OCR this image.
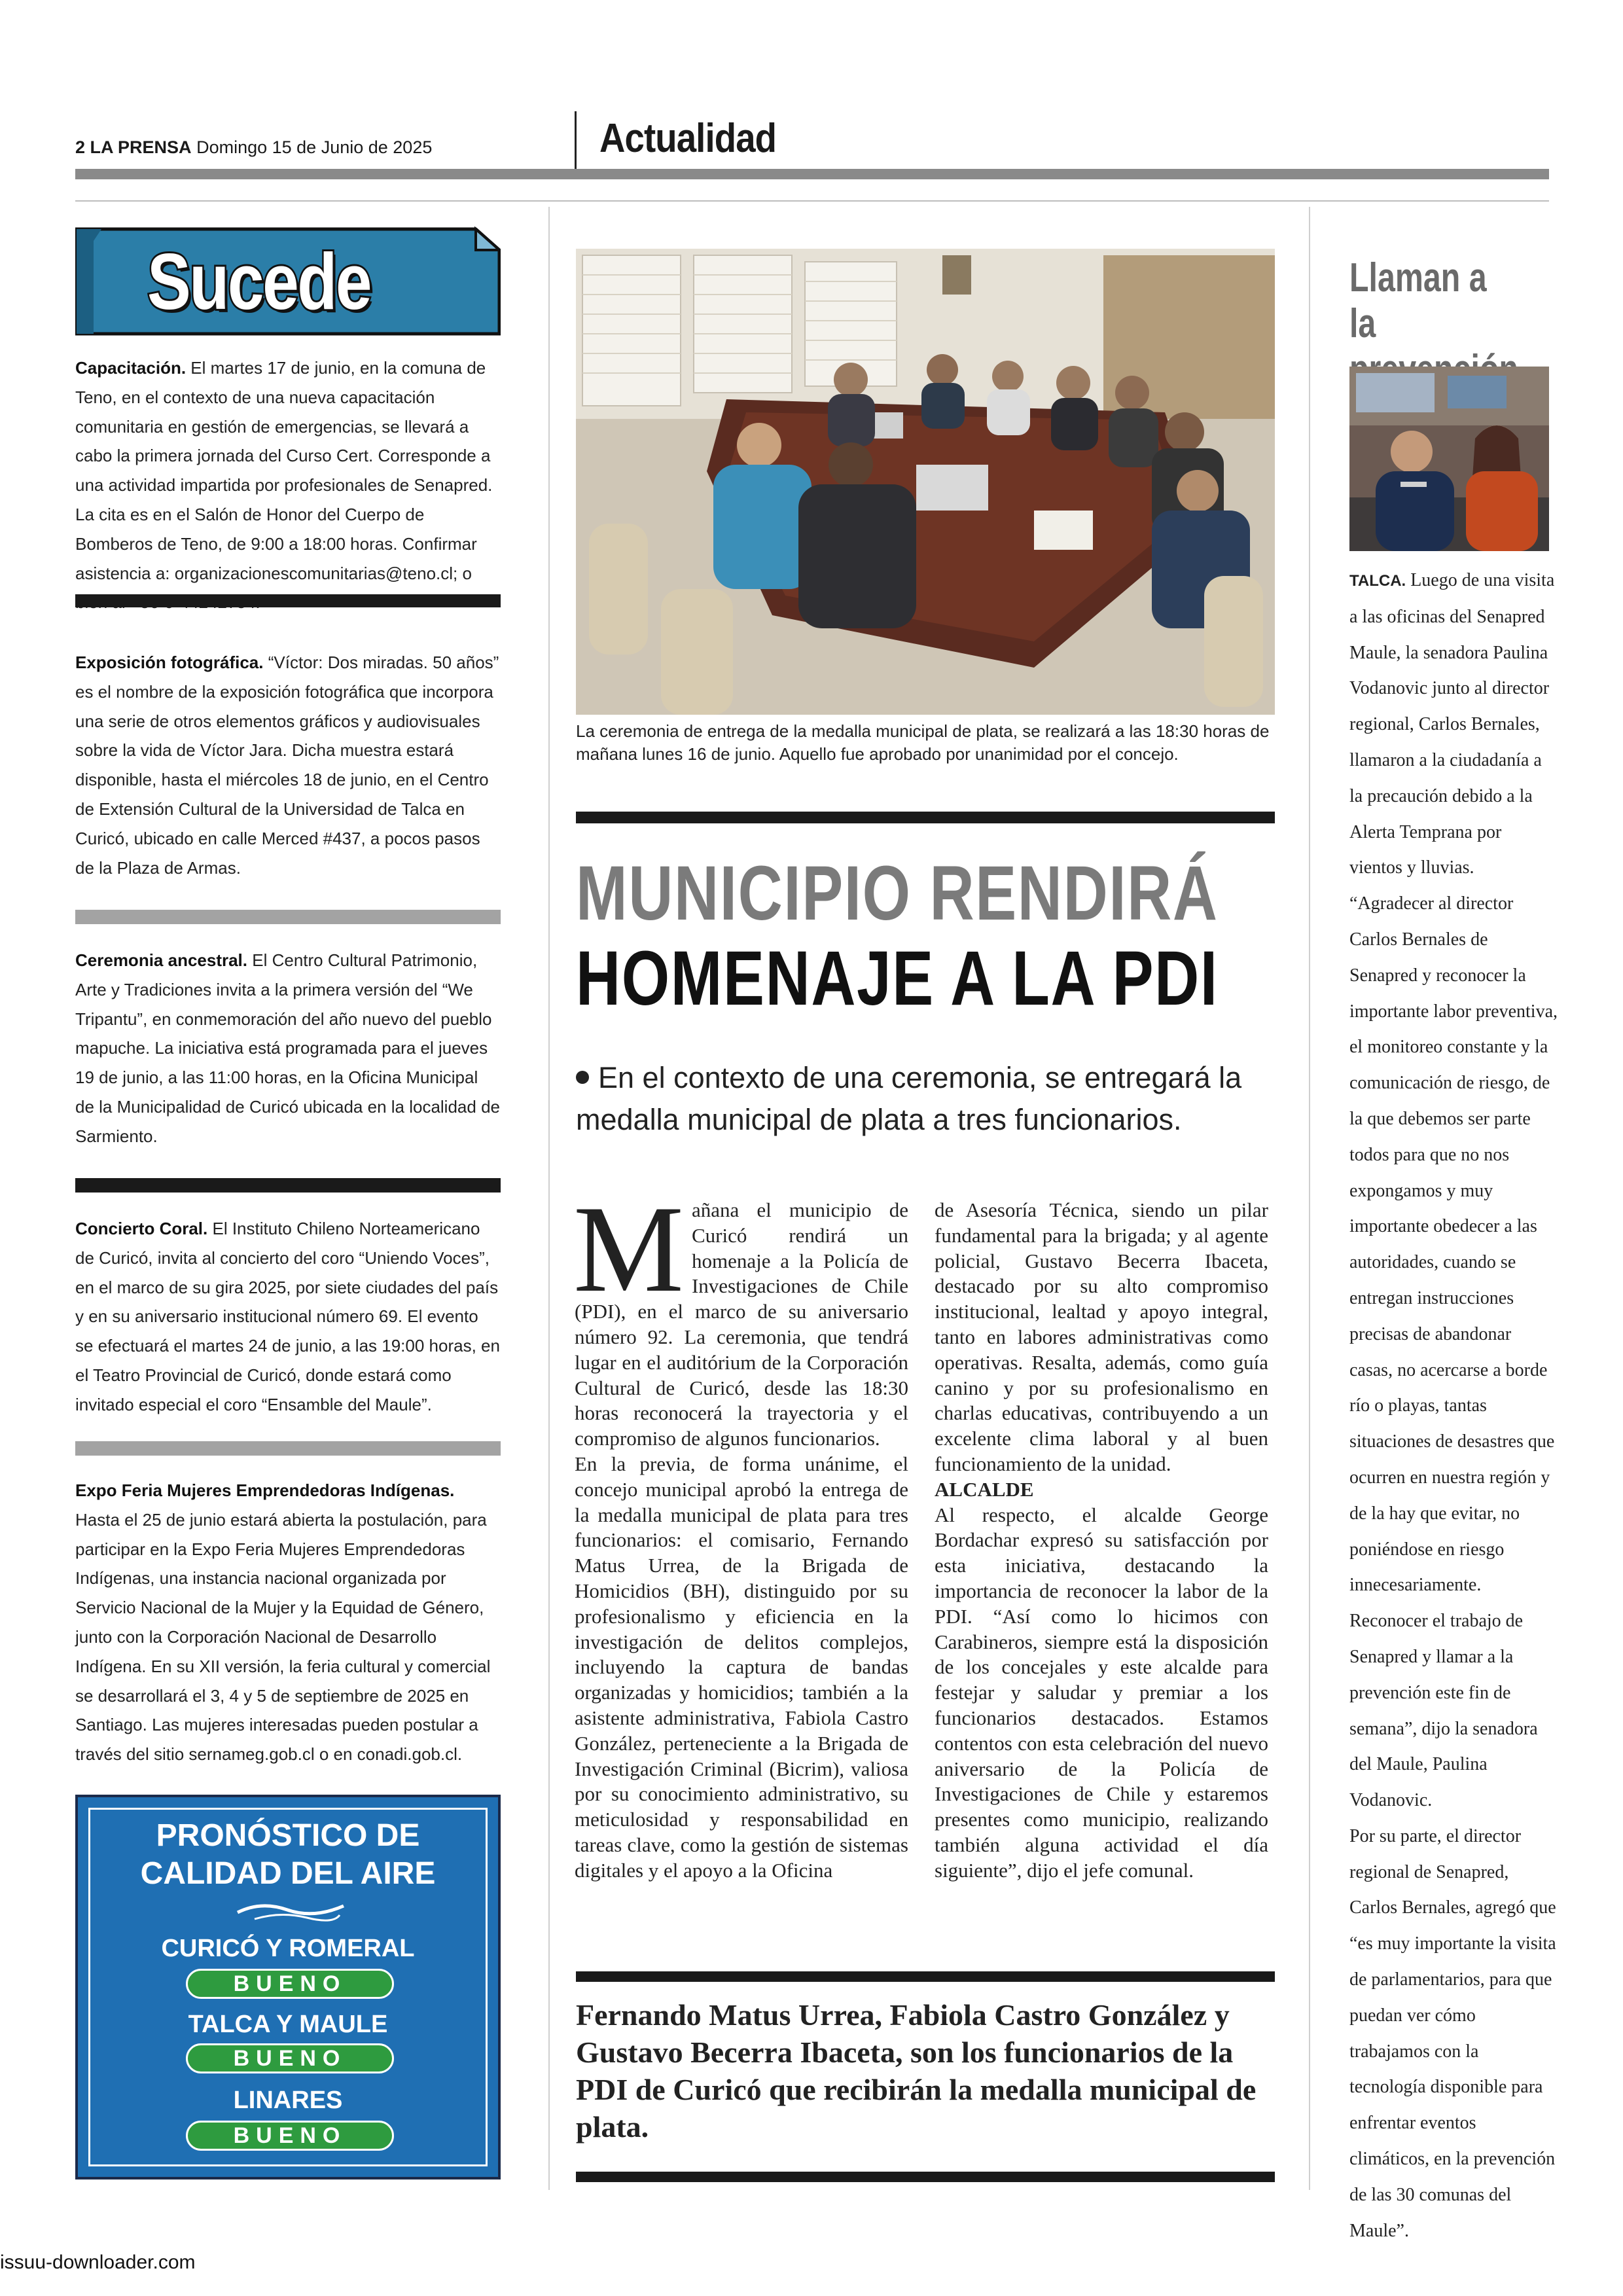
2 LA PRENSA Domingo 15 de Junio de 2025	Actualidad
Sucede
Capacitación. El martes 17 de junio, en la comuna de Teno, en el contexto de una nueva capacitación comunitaria en gestión de emergencias, se llevará a cabo la primera jornada del Curso Cert. Corresponde a una actividad impartida por profesionales de Senapred. La cita es en el Salón de Honor del Cuerpo de Bomberos de Teno, de 9:00 a 18:00 horas. Confirmar asistencia a: organizacionescomunitarias@teno.cl; o
Exposición fotográfica. “Víctor: Dos miradas. 50 años” es el nombre de la exposición fotográfica que incorpora una serie de otros elementos gráficos y audiovisuales sobre la vida de Víctor Jara. Dicha muestra estará disponible, hasta el miércoles 18 de junio, en el Centro de Extensión Cultural de la Universidad de Talca en Curicó, ubicado en calle Merced #437, a pocos pasos de la Plaza de Armas.
Ceremonia ancestral. El Centro Cultural Patrimonio, Arte y Tradiciones invita a la primera versión del “We Tripantu”, en conmemoración del año nuevo del pueblo mapuche. La iniciativa está programada para el jueves 19 de junio, a las 11:00 horas, en la Oficina Municipal de la Municipalidad de Curicó ubicada en la localidad de Sarmiento.
Concierto Coral. El Instituto Chileno Norteamericano de Curicó, invita al concierto del coro “Uniendo Voces”, en el marco de su gira 2025, por siete ciudades del país y en su aniversario institucional número 69. El evento se efectuará el martes 24 de junio, a las 19:00 horas, en el Teatro Provincial de Curicó, donde estará como invitado especial el coro “Ensamble del Maule”.
Expo Feria Mujeres Emprendedoras Indígenas. Hasta el 25 de junio estará abierta la postulación, para participar en la Expo Feria Mujeres Emprendedoras Indígenas, una instancia nacional organizada por Servicio Nacional de la Mujer y la Equidad de Género, junto con la Corporación Nacional de Desarrollo Indígena. En su XII versión, la feria cultural y comercial se desarrollará el 3, 4 y 5 de septiembre de 2025 en Santiago. Las mujeres interesadas pueden postular a través del sitio sernameg.gob.cl o en conadi.gob.cl.
PRONÓSTICO DE
CALIDAD DEL AIRE
CURICÓ Y ROMERAL
BUENO
TALCA Y MAULE
BUENO
LINARES
BUENO
La ceremonia de entrega de la medalla municipal de plata, se realizará a las 18:30 horas de mañana lunes 16 de junio. Aquello fue aprobado por unanimidad por el concejo.
MUNICIPIO RENDIRÁ
HOMENAJE A LA PDI
En el contexto de una ceremonia, se entregará la medalla municipal de plata a tres funcionarios.
M añana el municipio de Curicó rendirá un homenaje a la Policía de Investigaciones de Chile (PDI), en el marco de su aniversario número 92. La ceremonia, que tendrá lugar en el auditórium de la Corporación Cultural de Curicó, desde las 18:30 horas reconocerá la trayectoria y el compromiso de algunos funcionarios.

En la previa, de forma unánime, el concejo municipal aprobó la entrega de la medalla municipal de plata para tres funcionarios: el comisario, Fernando Matus Urrea, de la Brigada de Homicidios (BH), distinguido por su profesionalismo y eficiencia en la investigación de delitos complejos, incluyendo la captura de bandas organizadas y homicidios; también a la asistente administrativa, Fabiola Castro González, perteneciente a la Brigada de Investigación Criminal (Bicrim), valiosa por su conocimiento administrativo, su meticulosidad y responsabilidad en tareas clave, como la gestión de sistemas digitales y el apoyo a la Oficina

de Asesoría Técnica, siendo un pilar fundamental para la brigada; y al agente policial, Gustavo Becerra Ibaceta, destacado por su alto compromiso institucional, lealtad y apoyo integral, tanto en labores administrativas como operativas. Resalta, además, como guía canino y por su profesionalismo en charlas educativas, contribuyendo a un excelente clima laboral y al buen funcionamiento de la unidad.

ALCALDE

Al respecto, el alcalde George Bordachar expresó su satisfacción por esta iniciativa, destacando la importancia de reconocer la labor de la PDI. “Así como lo hicimos con Carabineros, siempre está la disposición de los concejales y este alcalde para festejar y saludar y premiar a los funcionarios destacados. Estamos contentos con esta celebración del nuevo aniversario de la Policía de Investigaciones de Chile y estaremos presentes como municipio, realizando también alguna actividad el día siguiente”, dijo el jefe comunal.

Fernando Matus Urrea, Fabiola Castro González y Gustavo Becerra Ibaceta, son los funcionarios de la PDI de Curicó que recibirán la medalla municipal de plata.
Llaman a la
TALCA. Luego de una visita a las oficinas del Senapred Maule, la senadora Paulina Vodanovic junto al director regional, Carlos Bernales, llamaron a la ciudadanía a la precaución debido a la Alerta Temprana por vientos y lluvias. “Agradecer al director Carlos Bernales de Senapred y reconocer la importante labor preventiva, el monitoreo constante y la comunicación de riesgo, de la que debemos ser parte todos para que no nos expongamos y muy importante obedecer a las autoridades, cuando se entregan instrucciones precisas de abandonar casas, no acercarse a borde río o playas, tantas situaciones de desastres que ocurren en nuestra región y de la hay que evitar, no poniéndose en riesgo innecesariamente. Reconocer el trabajo de Senapred y llamar a la prevención este fin de semana”, dijo la senadora del Maule, Paulina Vodanovic.
Por su parte, el director regional de Senapred, Carlos Bernales, agregó que “es muy importante la visita de parlamentarios, para que puedan ver cómo trabajamos con la tecnología disponible para enfrentar eventos climáticos, en la prevención de las 30 comunas del Maule”.
issuu-downloader.com
